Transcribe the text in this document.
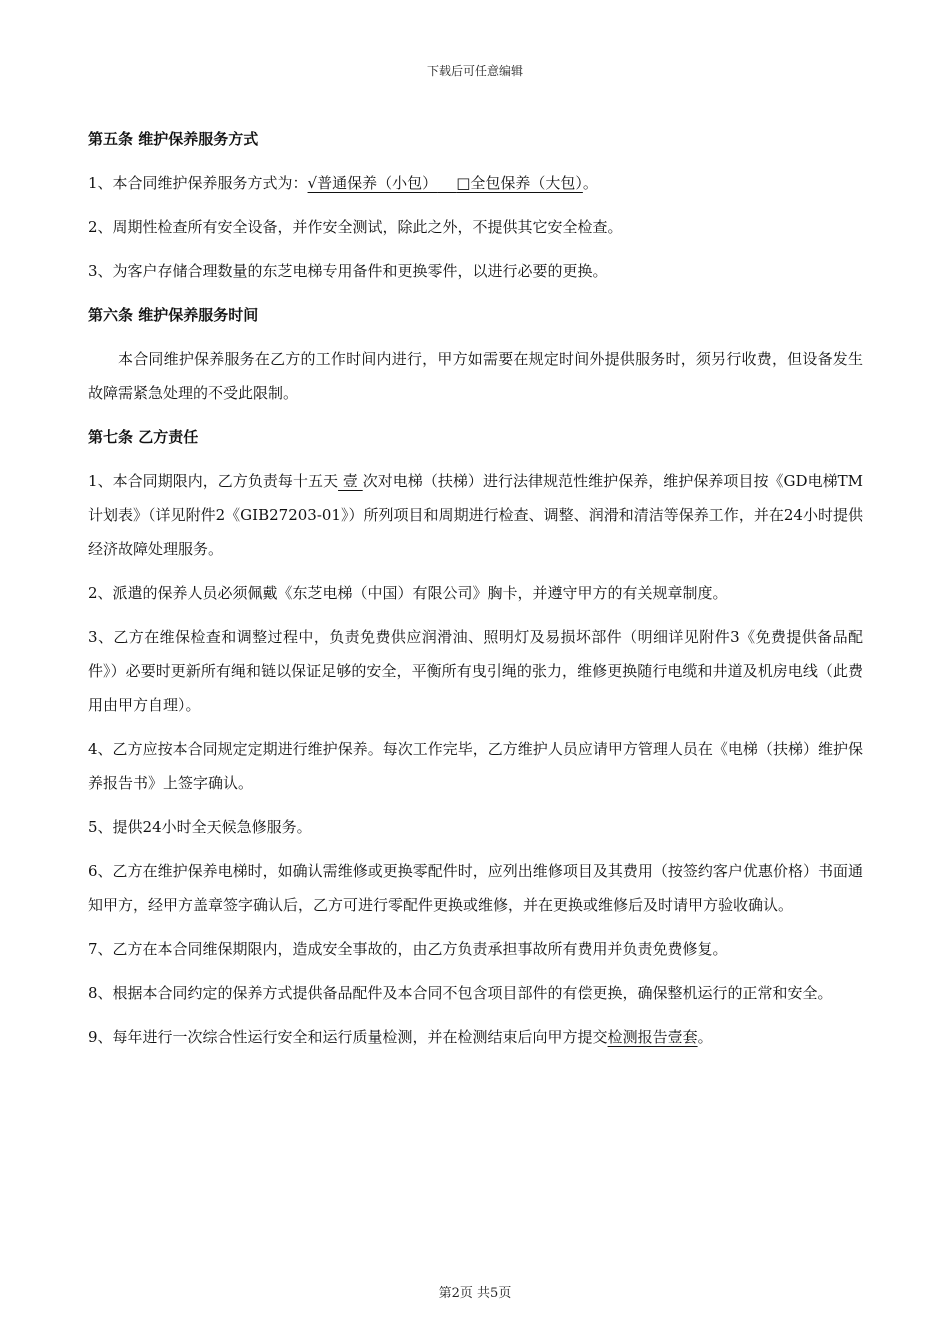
下载后可任意编辑
第五条 维护保养服务方式
1、本合同维护保养服务方式为：√普通保养（小包） □全包保养（大包）。
2、周期性检查所有安全设备，并作安全测试，除此之外，不提供其它安全检查。
3、为客户存储合理数量的东芝电梯专用备件和更换零件，以进行必要的更换。
第六条 维护保养服务时间
本合同维护保养服务在乙方的工作时间内进行，甲方如需要在规定时间外提供服务时，须另行收费，但设备发生故障需紧急处理的不受此限制。
第七条 乙方责任
1、本合同期限内，乙方负责每十五天 壹 次对电梯（扶梯）进行法律规范性维护保养，维护保养项目按《GD电梯TM计划表》（详见附件2《GIB27203-01》）所列项目和周期进行检查、调整、润滑和清洁等保养工作，并在24小时提供经济故障处理服务。
2、派遣的保养人员必须佩戴《东芝电梯（中国）有限公司》胸卡，并遵守甲方的有关规章制度。
3、乙方在维保检查和调整过程中，负责免费供应润滑油、照明灯及易损坏部件（明细详见附件3《免费提供备品配件》）必要时更新所有绳和链以保证足够的安全，平衡所有曳引绳的张力，维修更换随行电缆和井道及机房电线（此费用由甲方自理）。
4、乙方应按本合同规定定期进行维护保养。每次工作完毕，乙方维护人员应请甲方管理人员在《电梯（扶梯）维护保养报告书》上签字确认。
5、提供24小时全天候急修服务。
6、乙方在维护保养电梯时，如确认需维修或更换零配件时，应列出维修项目及其费用（按签约客户优惠价格）书面通知甲方，经甲方盖章签字确认后，乙方可进行零配件更换或维修，并在更换或维修后及时请甲方验收确认。
7、乙方在本合同维保期限内，造成安全事故的，由乙方负责承担事故所有费用并负责免费修复。
8、根据本合同约定的保养方式提供备品配件及本合同不包含项目部件的有偿更换，确保整机运行的正常和安全。
9、每年进行一次综合性运行安全和运行质量检测，并在检测结束后向甲方提交检测报告壹套。
第2页 共5页
